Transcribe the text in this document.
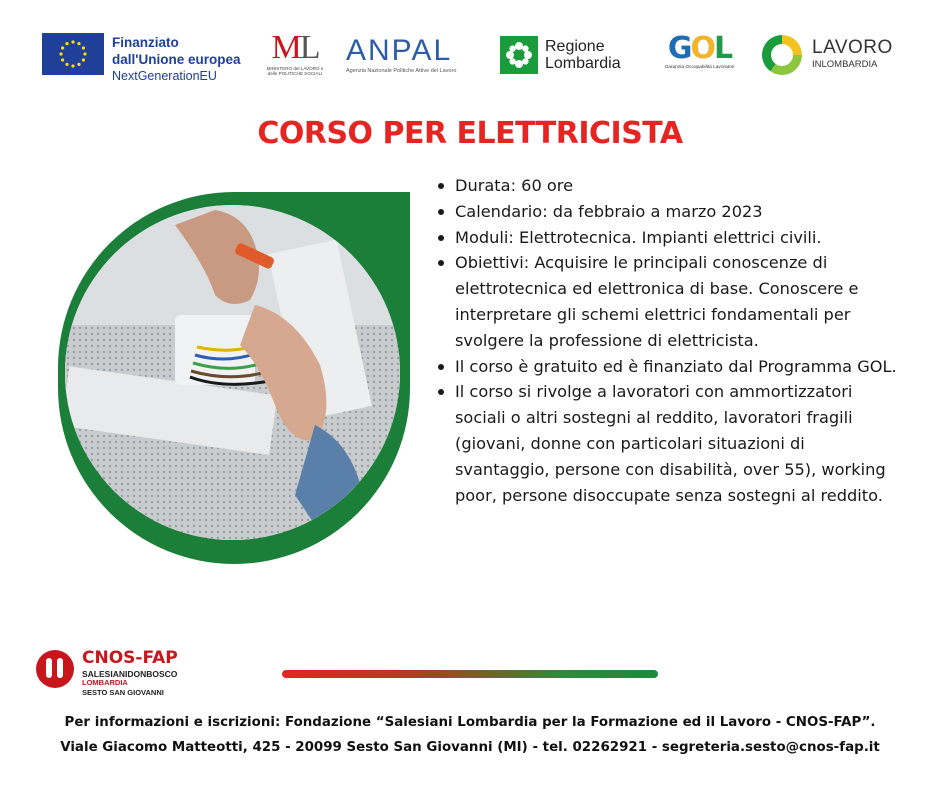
Finanziato
dall'Unione europea
NextGenerationEU
ML
MINISTERO del LAVORO e delle POLITICHE SOCIALI
ANPAL
Agenzia Nazionale Politiche Attive del Lavoro
Regione
Lombardia GOL
Garanzia Occupabilità Lavoratori
LAVORO
INLOMBARDIA
CORSO PER ELETTRICISTA
Durata: 60 ore
Calendario: da febbraio a marzo 2023
Moduli: Elettrotecnica. Impianti elettrici civili.
Obiettivi: Acquisire le principali conoscenze di elettrotecnica ed elettronica di base. Conoscere e interpretare gli schemi elettrici fondamentali per svolgere la professione di elettricista.
Il corso è gratuito ed è finanziato dal Programma GOL.
Il corso si rivolge a lavoratori con ammortizzatori sociali o altri sostegni al reddito, lavoratori fragili (giovani, donne con particolari situazioni di svantaggio, persone con disabilità, over 55), working poor, persone disoccupate senza sostegni al reddito.
CNOS-FAP
SALESIANIDONBOSCO
LOMBARDIA
SESTO SAN GIOVANNI
Per informazioni e iscrizioni: Fondazione “Salesiani Lombardia per la Formazione ed il Lavoro - CNOS-FAP”.
Viale Giacomo Matteotti, 425 - 20099 Sesto San Giovanni (MI) - tel. 02262921 - segreteria.sesto@cnos-fap.it
